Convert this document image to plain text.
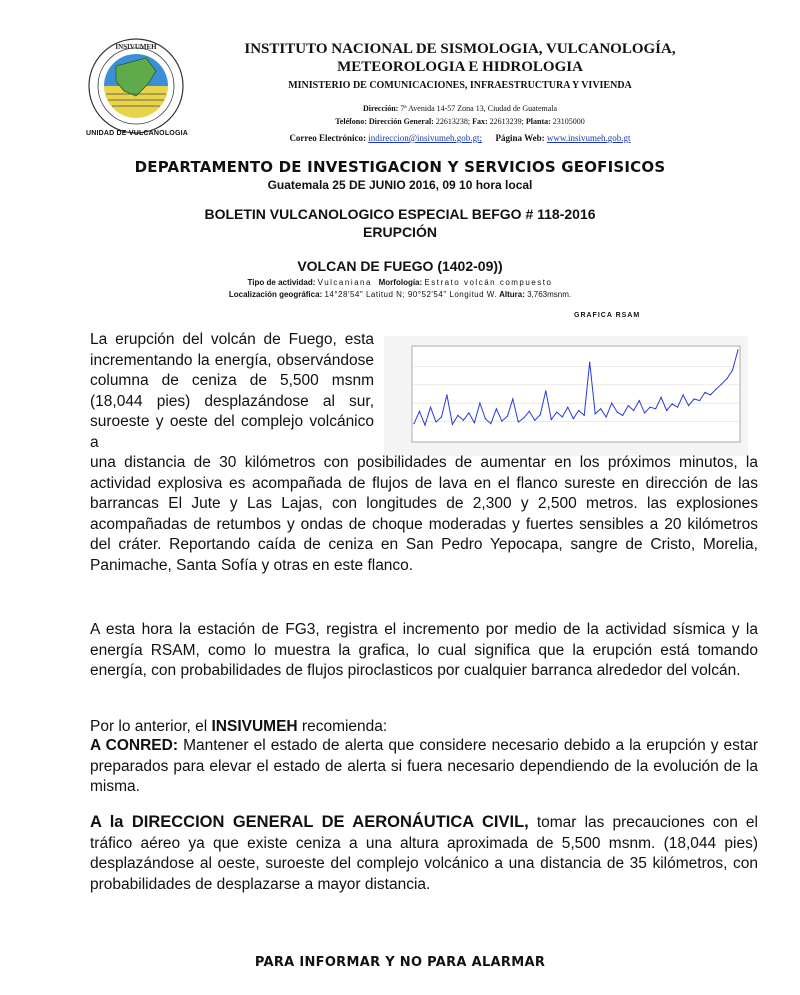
INSIVUMEH
UNIDAD DE VULCANOLOGIA
INSTITUTO NACIONAL DE SISMOLOGIA, VULCANOLOGÍA, METEOROLOGIA E HIDROLOGIA
MINISTERIO DE COMUNICACIONES, INFRAESTRUCTURA Y VIVIENDA
Dirección: 7ª Avenida 14-57 Zona 13, Ciudad de Guatemala
Teléfono: Dirección General: 22613238; Fax: 22613239; Planta: 23105000
Correo Electrónico: indireccion@insivumeh.gob.gt; Página Web: www.insivumeh.gob.gt
DEPARTAMENTO DE INVESTIGACION Y SERVICIOS GEOFISICOS
Guatemala 25 DE JUNIO 2016, 09 10 hora local
BOLETIN VULCANOLOGICO ESPECIAL BEFGO # 118-2016
ERUPCIÓN
VOLCAN DE FUEGO (1402-09))
Tipo de actividad: Vulcaniana Morfología: Estrato volcán compuesto
Localización geográfica: 14°28'54" Latitud N; 90°52'54" Longitud W. Altura: 3,763msnm.
GRAFICA RSAM
La erupción del volcán de Fuego, esta incrementando la energía, observándose columna de ceniza de 5,500 msnm (18,044 pies) desplazándose al sur, suroeste y oeste del complejo volcánico a
una distancia de 30 kilómetros con posibilidades de aumentar en los próximos minutos, la actividad explosiva es acompañada de flujos de lava en el flanco sureste en dirección de las barrancas El Jute y Las Lajas, con longitudes de 2,300 y 2,500 metros. las explosiones acompañadas de retumbos y ondas de choque moderadas y fuertes sensibles a 20 kilómetros del cráter. Reportando caída de ceniza en San Pedro Yepocapa, sangre de Cristo, Morelia, Panimache, Santa Sofía y otras en este flanco.
A esta hora la estación de FG3, registra el incremento por medio de la actividad sísmica y la energía RSAM, como lo muestra la grafica, lo cual significa que la erupción está tomando energía, con probabilidades de flujos piroclasticos por cualquier barranca alrededor del volcán.
Por lo anterior, el INSIVUMEH recomienda:
A CONRED: Mantener el estado de alerta que considere necesario debido a la erupción y estar preparados para elevar el estado de alerta si fuera necesario dependiendo de la evolución de la misma.
A la DIRECCION GENERAL DE AERONÁUTICA CIVIL, tomar las precauciones con el tráfico aéreo ya que existe ceniza a una altura aproximada de 5,500 msnm. (18,044 pies) desplazándose al oeste, suroeste del complejo volcánico a una distancia de 35 kilómetros, con probabilidades de desplazarse a mayor distancia.
PARA INFORMAR Y NO PARA ALARMAR
